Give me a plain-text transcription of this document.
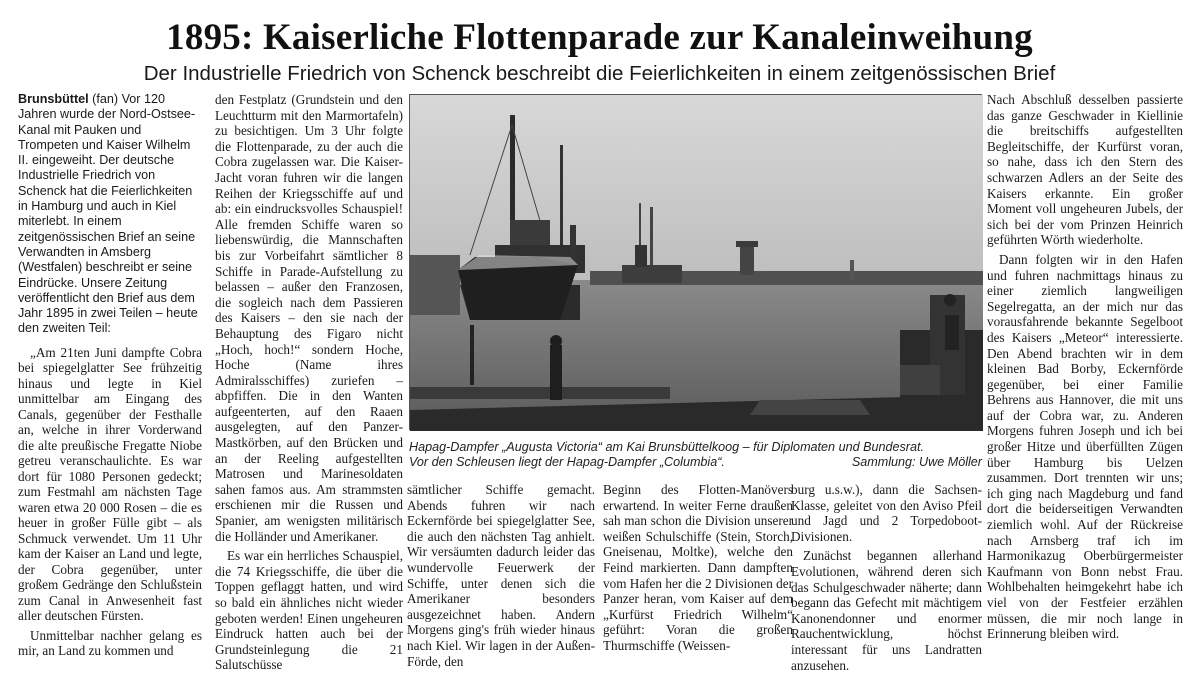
1895: Kaiserliche Flottenparade zur Kanaleinweihung
Der Industrielle Friedrich von Schenck beschreibt die Feierlichkeiten in einem zeitgenössischen Brief

Brunsbüttel (fan) Vor 120 Jahren wurde der Nord-Ostsee-Kanal mit Pauken und Trompeten und Kaiser Wilhelm II. eingeweiht. Der deutsche Industrielle Friedrich von Schenck hat die Feierlichkeiten in Hamburg und auch in Kiel miterlebt. In einem zeitgenössischen Brief an seine Verwandten in Amsberg (Westfalen) beschreibt er seine Eindrücke. Unsere Zeitung veröffentlicht den Brief aus dem Jahr 1895 in zwei Teilen – heute den zweiten Teil:

„Am 21ten Juni dampfte Cobra bei spiegelglatter See frühzeitig hinaus und legte in Kiel unmittelbar am Eingang des Canals, gegenüber der Festhalle an, welche in ihrer Vorderwand die alte preußische Fregatte Niobe getreu veranschaulichte. Es war dort für 1080 Personen gedeckt; zum Festmahl am nächsten Tage waren etwa 20 000 Rosen – die es heuer in großer Fülle gibt – als Schmuck verwendet. Um 11 Uhr kam der Kaiser an Land und legte, der Cobra gegenüber, unter großem Gedränge den Schlußstein zum Canal in Anwesenheit fast aller deutschen Fürsten.

Unmittelbar nachher gelang es mir, an Land zu kommen und

den Festplatz (Grundstein und den Leuchtturm mit den Marmortafeln) zu besichtigen. Um 3 Uhr folgte die Flottenparade, zu der auch die Cobra zugelassen war. Die Kaiser-Jacht voran fuhren wir die langen Reihen der Kriegsschiffe auf und ab: ein eindrucksvolles Schauspiel! Alle fremden Schiffe waren so liebenswürdig, die Mannschaften bis zur Vorbeifahrt sämtlicher 8 Schiffe in Parade-Aufstellung zu belassen – außer den Franzosen, die sogleich nach dem Passieren des Kaisers – den sie nach der Behauptung des Figaro nicht „Hoch, hoch!“ sondern Hoche, Hoche (Name ihres Admiralsschiffes) zuriefen – abpfiffen. Die in den Wanten aufgeenterten, auf den Raaen ausgelegten, auf den Panzer-Mastkörben, auf den Brücken und an der Reeling aufgestellten Matrosen und Marinesoldaten sahen famos aus. Am strammsten erschienen mir die Russen und Spanier, am wenigsten militärisch die Holländer und Amerikaner.

Es war ein herrliches Schauspiel, die 74 Kriegsschiffe, die über die Toppen geflaggt hatten, und wird so bald ein ähnliches nicht wieder geboten werden! Einen ungeheuren Eindruck hatten auch bei der Grundsteinlegung die 21 Salutschüsse

Hapag-Dampfer „Augusta Victoria“ am Kai Brunsbüttelkoog – für Diplomaten und Bundesrat.
Vor den Schleusen liegt der Hapag-Dampfer „Columbia“.	Sammlung: Uwe Möller

sämtlicher Schiffe gemacht. Abends fuhren wir nach Eckernförde bei spiegelglatter See, die auch den nächsten Tag anhielt. Wir versäumten dadurch leider das wundervolle Feuerwerk der Schiffe, unter denen sich die Amerikaner besonders ausgezeichnet haben. Andern Morgens ging's früh wieder hinaus nach Kiel. Wir lagen in der Außen-Förde, den

Beginn des Flotten-Manövers erwartend. In weiter Ferne draußen sah man schon die Division unserer weißen Schulschiffe (Stein, Storch, Gneisenau, Moltke), welche den Feind markierten. Dann dampften vom Hafen her die 2 Divisionen der Panzer heran, vom Kaiser auf dem „Kurfürst Friedrich Wilhelm“ geführt: Voran die großen Thurmschiffe (Weissen-

burg u.s.w.), dann die Sachsen-Klasse, geleitet von den Aviso Pfeil und Jagd und 2 Torpedoboot-Divisionen.

Zunächst begannen allerhand Evolutionen, während deren sich das Schulgeschwader näherte; dann begann das Gefecht mit mächtigem Kanonendonner und enormer Rauchentwicklung, höchst interessant für uns Landratten anzusehen.

Nach Abschluß desselben passierte das ganze Geschwader in Kiellinie die breitschiffs aufgestellten Begleitschiffe, der Kurfürst voran, so nahe, dass ich den Stern des schwarzen Adlers an der Seite des Kaisers erkannte. Ein großer Moment voll ungeheuren Jubels, der sich bei der vom Prinzen Heinrich geführten Wörth wiederholte.

Dann folgten wir in den Hafen und fuhren nachmittags hinaus zu einer ziemlich langweiligen Segelregatta, an der mich nur das vorausfahrende bekannte Segelboot des Kaisers „Meteor“ interessierte. Den Abend brachten wir in dem kleinen Bad Borby, Eckernförde gegenüber, bei einer Familie Behrens aus Hannover, die mit uns auf der Cobra war, zu. Anderen Morgens fuhren Joseph und ich bei großer Hitze und überfüllten Zügen über Hamburg bis Uelzen zusammen. Dort trennten wir uns; ich ging nach Magdeburg und fand dort die beiderseitigen Verwandten ziemlich wohl. Auf der Rückreise nach Arnsberg traf ich im Harmonikazug Oberbürgermeister Kaufmann von Bonn nebst Frau. Wohlbehalten heimgekehrt habe ich viel von der Festfeier erzählen müssen, die mir noch lange in Erinnerung bleiben wird.
